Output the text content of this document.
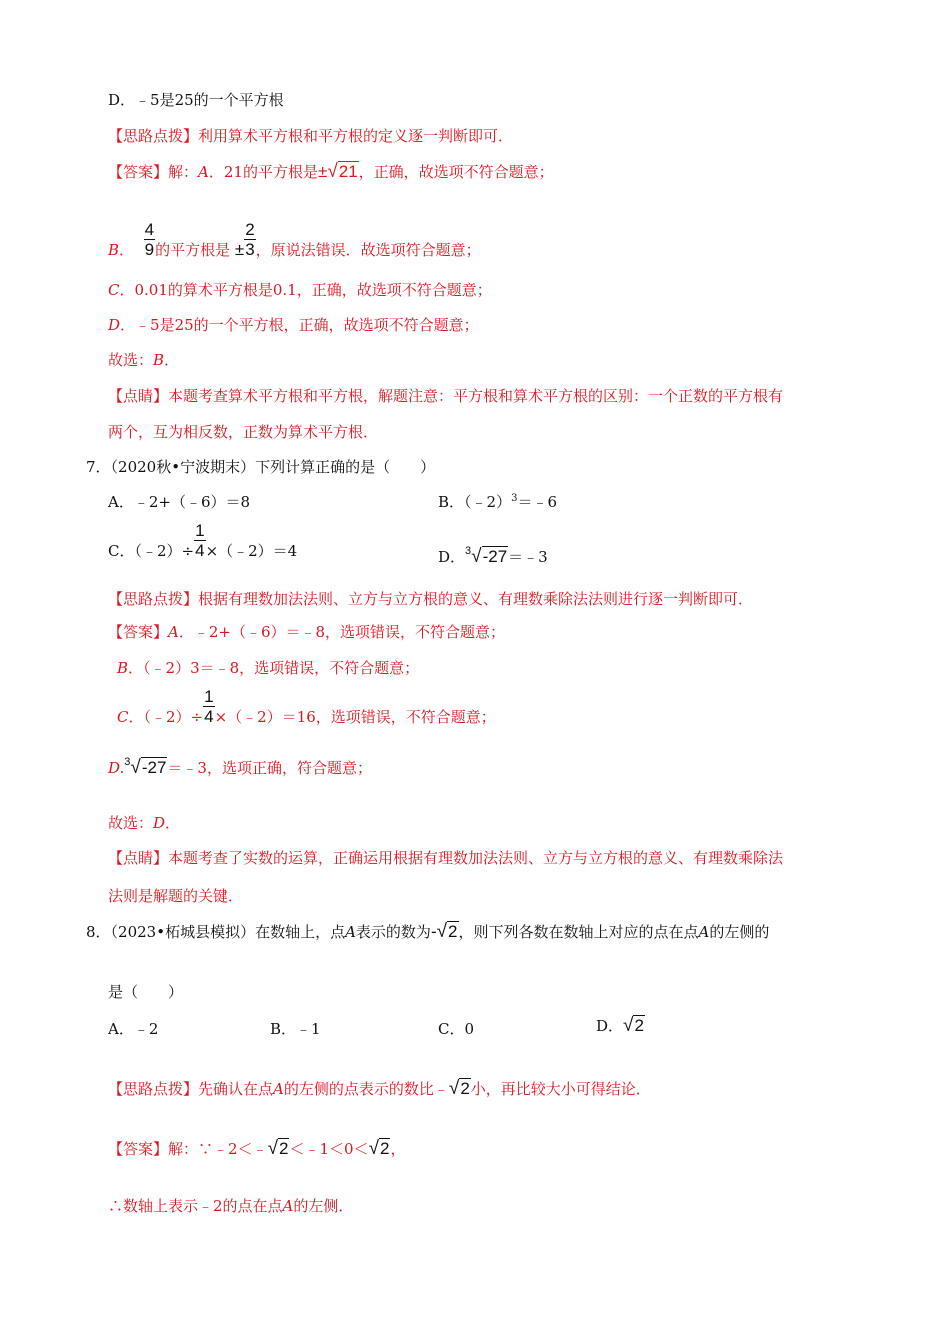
D．﹣5是25的一个平方根
【思路点拨】利用算术平方根和平方根的定义逐一判断即可．
【答案】解：A．21的平方根是±√21，正确，故选项不符合题意；
B． $\frac{4}{9}$ 的平方根是 ± $\frac{2}{3}$ ，原说法错误．故选项符合题意；
C．0.01的算术平方根是0.1，正确，故选项不符合题意；
D．﹣5是25的一个平方根，正确，故选项不符合题意；
故选：B．
【点睛】本题考查算术平方根和平方根，解题注意：平方根和算术平方根的区别：一个正数的平方根有
两个，互为相反数，正数为算术平方根．
7．（2020秋•宁波期末）下列计算正确的是（　　）
A．﹣2+（﹣6）＝8	B．（﹣2）$^3$＝﹣6
C．（﹣2）÷ $\frac{1}{4}$ ×（﹣2）＝4	D．$^3$√-27＝﹣3
【思路点拨】根据有理数加法法则、立方与立方根的意义、有理数乘除法法则进行逐一判断即可．
【答案】A．﹣2+（﹣6）＝﹣8，选项错误，不符合题意；
B．（﹣2）3＝﹣8，选项错误，不符合题意；
C．（﹣2）÷ $\frac{1}{4}$ ×（﹣2）＝16，选项错误，不符合题意；
D.$^3$√-27＝﹣3，选项正确，符合题意；
故选：D．
【点睛】本题考查了实数的运算，正确运用根据有理数加法法则、立方与立方根的意义、有理数乘除法
法则是解题的关键．
8．（2023•柘城县模拟）在数轴上，点A表示的数为-√2，则下列各数在数轴上对应的点在点A的左侧的
是（　　）
A．﹣2	B．﹣1	C．0	D．√2
【思路点拨】先确认在点A的左侧的点表示的数比﹣√2小，再比较大小可得结论．
【答案】解：∵﹣2＜﹣√2＜﹣1＜0＜√2，
∴数轴上表示﹣2的点在点A的左侧．
